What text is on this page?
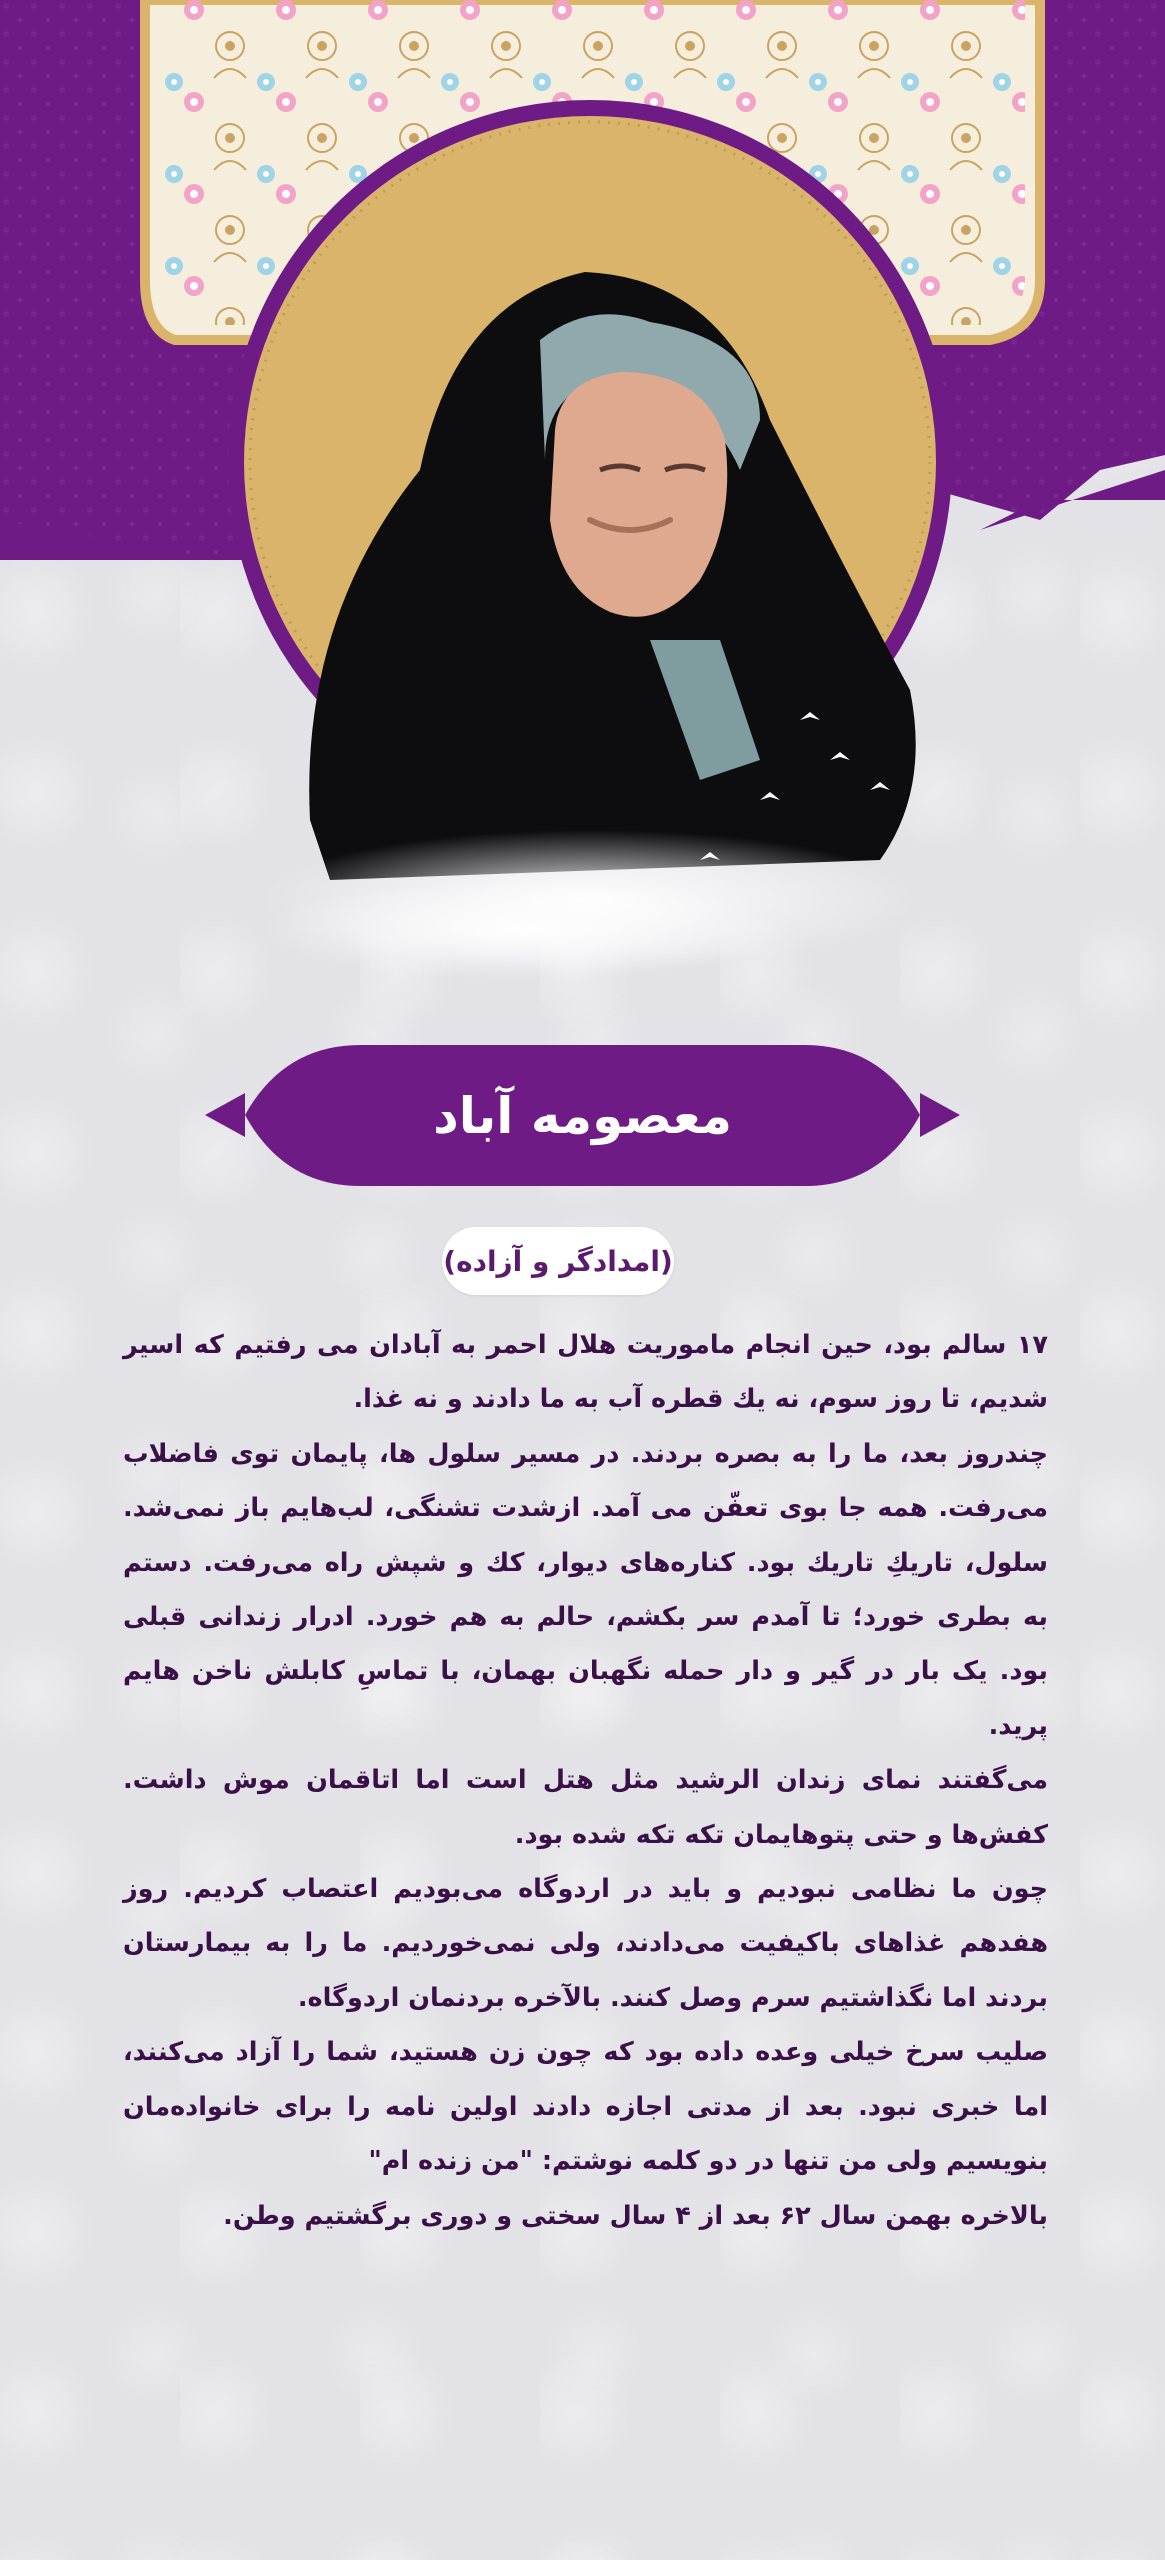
معصومه آباد
(امدادگر و آزاده)

۱۷ سالم بود، حین انجام ماموریت هلال احمر به آبادان می رفتیم که اسیر شدیم، تا روز سوم، نه یك قطره آب به ما دادند و نه غذا.

چندروز بعد، ما را به بصره بردند. در مسیر سلول ها، پایمان توی فاضلاب می‌رفت. همه جا بوی تعفّن می آمد. ازشدت تشنگی، لب‌هایم باز نمی‌شد. سلول، تاریكِ تاریك بود. كناره‌های دیوار، كك و شپش راه می‌رفت. دستم به بطری خورد؛ تا آمدم سر بكشم، حالم به هم خورد. ادرار زندانی قبلی بود. یک بار در گیر و دار حمله نگهبان بهمان، با تماسِ کابلش ناخن هایم پرید.

می‌گفتند نمای زندان الرشید مثل هتل است اما اتاقمان موش داشت. کفش‌ها و حتی پتوهایمان تکه تکه شده بود.

چون ما نظامی نبودیم و باید در اردوگاه می‌بودیم اعتصاب کردیم. روز هفدهم غذاهای باکیفیت می‌دادند، ولی نمی‌خوردیم. ما را به بیمارستان بردند اما نگذاشتیم سرم وصل کنند. بالآخره بردنمان اردوگاه.

صلیب سرخ خیلی وعده داده بود که چون زن هستید، شما را آزاد می‌کنند، اما خبری نبود. بعد از مدتی اجازه دادند اولین نامه را برای خانواده‌مان بنویسیم ولی من تنها در دو کلمه نوشتم: "من زنده ام"

بالاخره بهمن سال ۶۲ بعد از ۴ سال سختی و دوری برگشتیم وطن.
